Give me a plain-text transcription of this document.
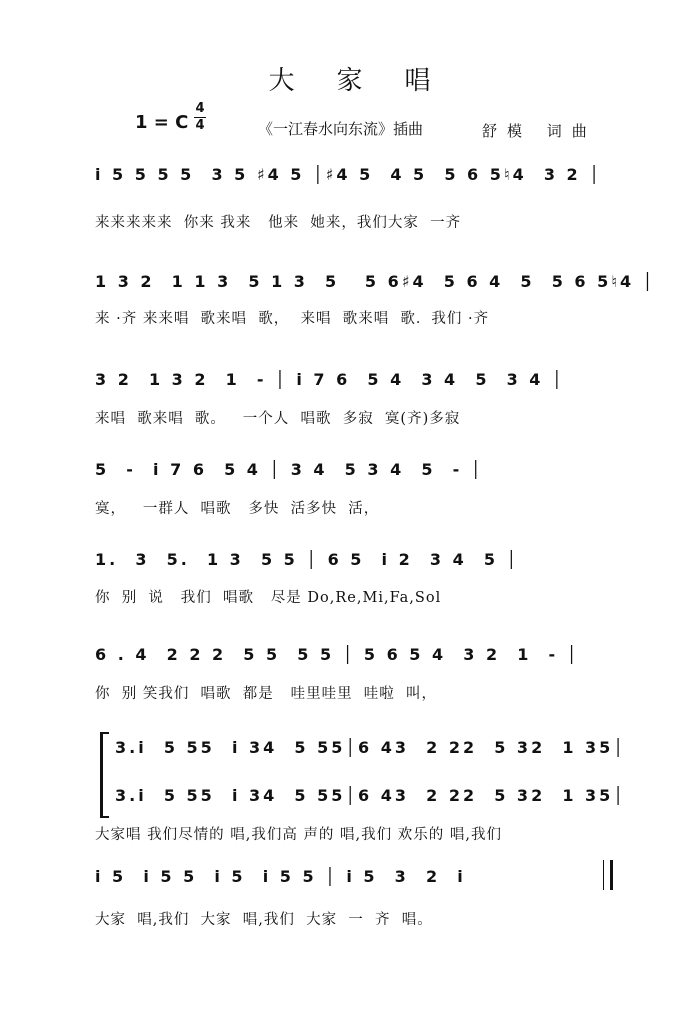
大家唱
1 = C
4
4	《一江春水向东流》插曲	舒模 词曲
i 5 5 5 5  3 5 ♯4 5 │♯4 5  4 5  5 6 5♮4  3 2 │
来来来来来  你来 我来   他来  她来，我们大家  一齐
1 3 2  1 1 3  5 1 3  5   5 6♯4  5 6 4  5  5 6 5♮4 │
来 ·齐 来来唱  歌来唱  歌，  来唱  歌来唱  歌．我们 ·齐
3 2  1 3 2  1  - │ i 7 6  5 4  3 4  5  3 4 │
来唱  歌来唱  歌。   一个人  唱歌  多寂  寞(齐)多寂
5  -  i 7 6  5 4 │ 3 4  5 3 4  5  - │
寞，   一群人  唱歌   多快  活多快  活，
1.  3  5.  1 3  5 5 │ 6 5  i 2  3 4  5 │
你  别  说   我们  唱歌   尽是 Do,Re,Mi,Fa,Sol
6 . 4  2 2 2  5 5  5 5 │ 5 6 5 4  3 2  1  - │
你  别 笑我们  唱歌  都是   哇里哇里  哇啦  叫，
3.i  5 55  i 34  5 55│6 43  2 22  5 32  1 35│
3.i  5 55  i 34  5 55│6 43  2 22  5 32  1 35│
大家唱 我们尽情的 唱,我们高 声的 唱,我们 欢乐的 唱,我们
i 5  i 5 5  i 5  i 5 5 │ i 5  3  2  i
大家  唱,我们  大家  唱,我们  大家  一  齐  唱。
